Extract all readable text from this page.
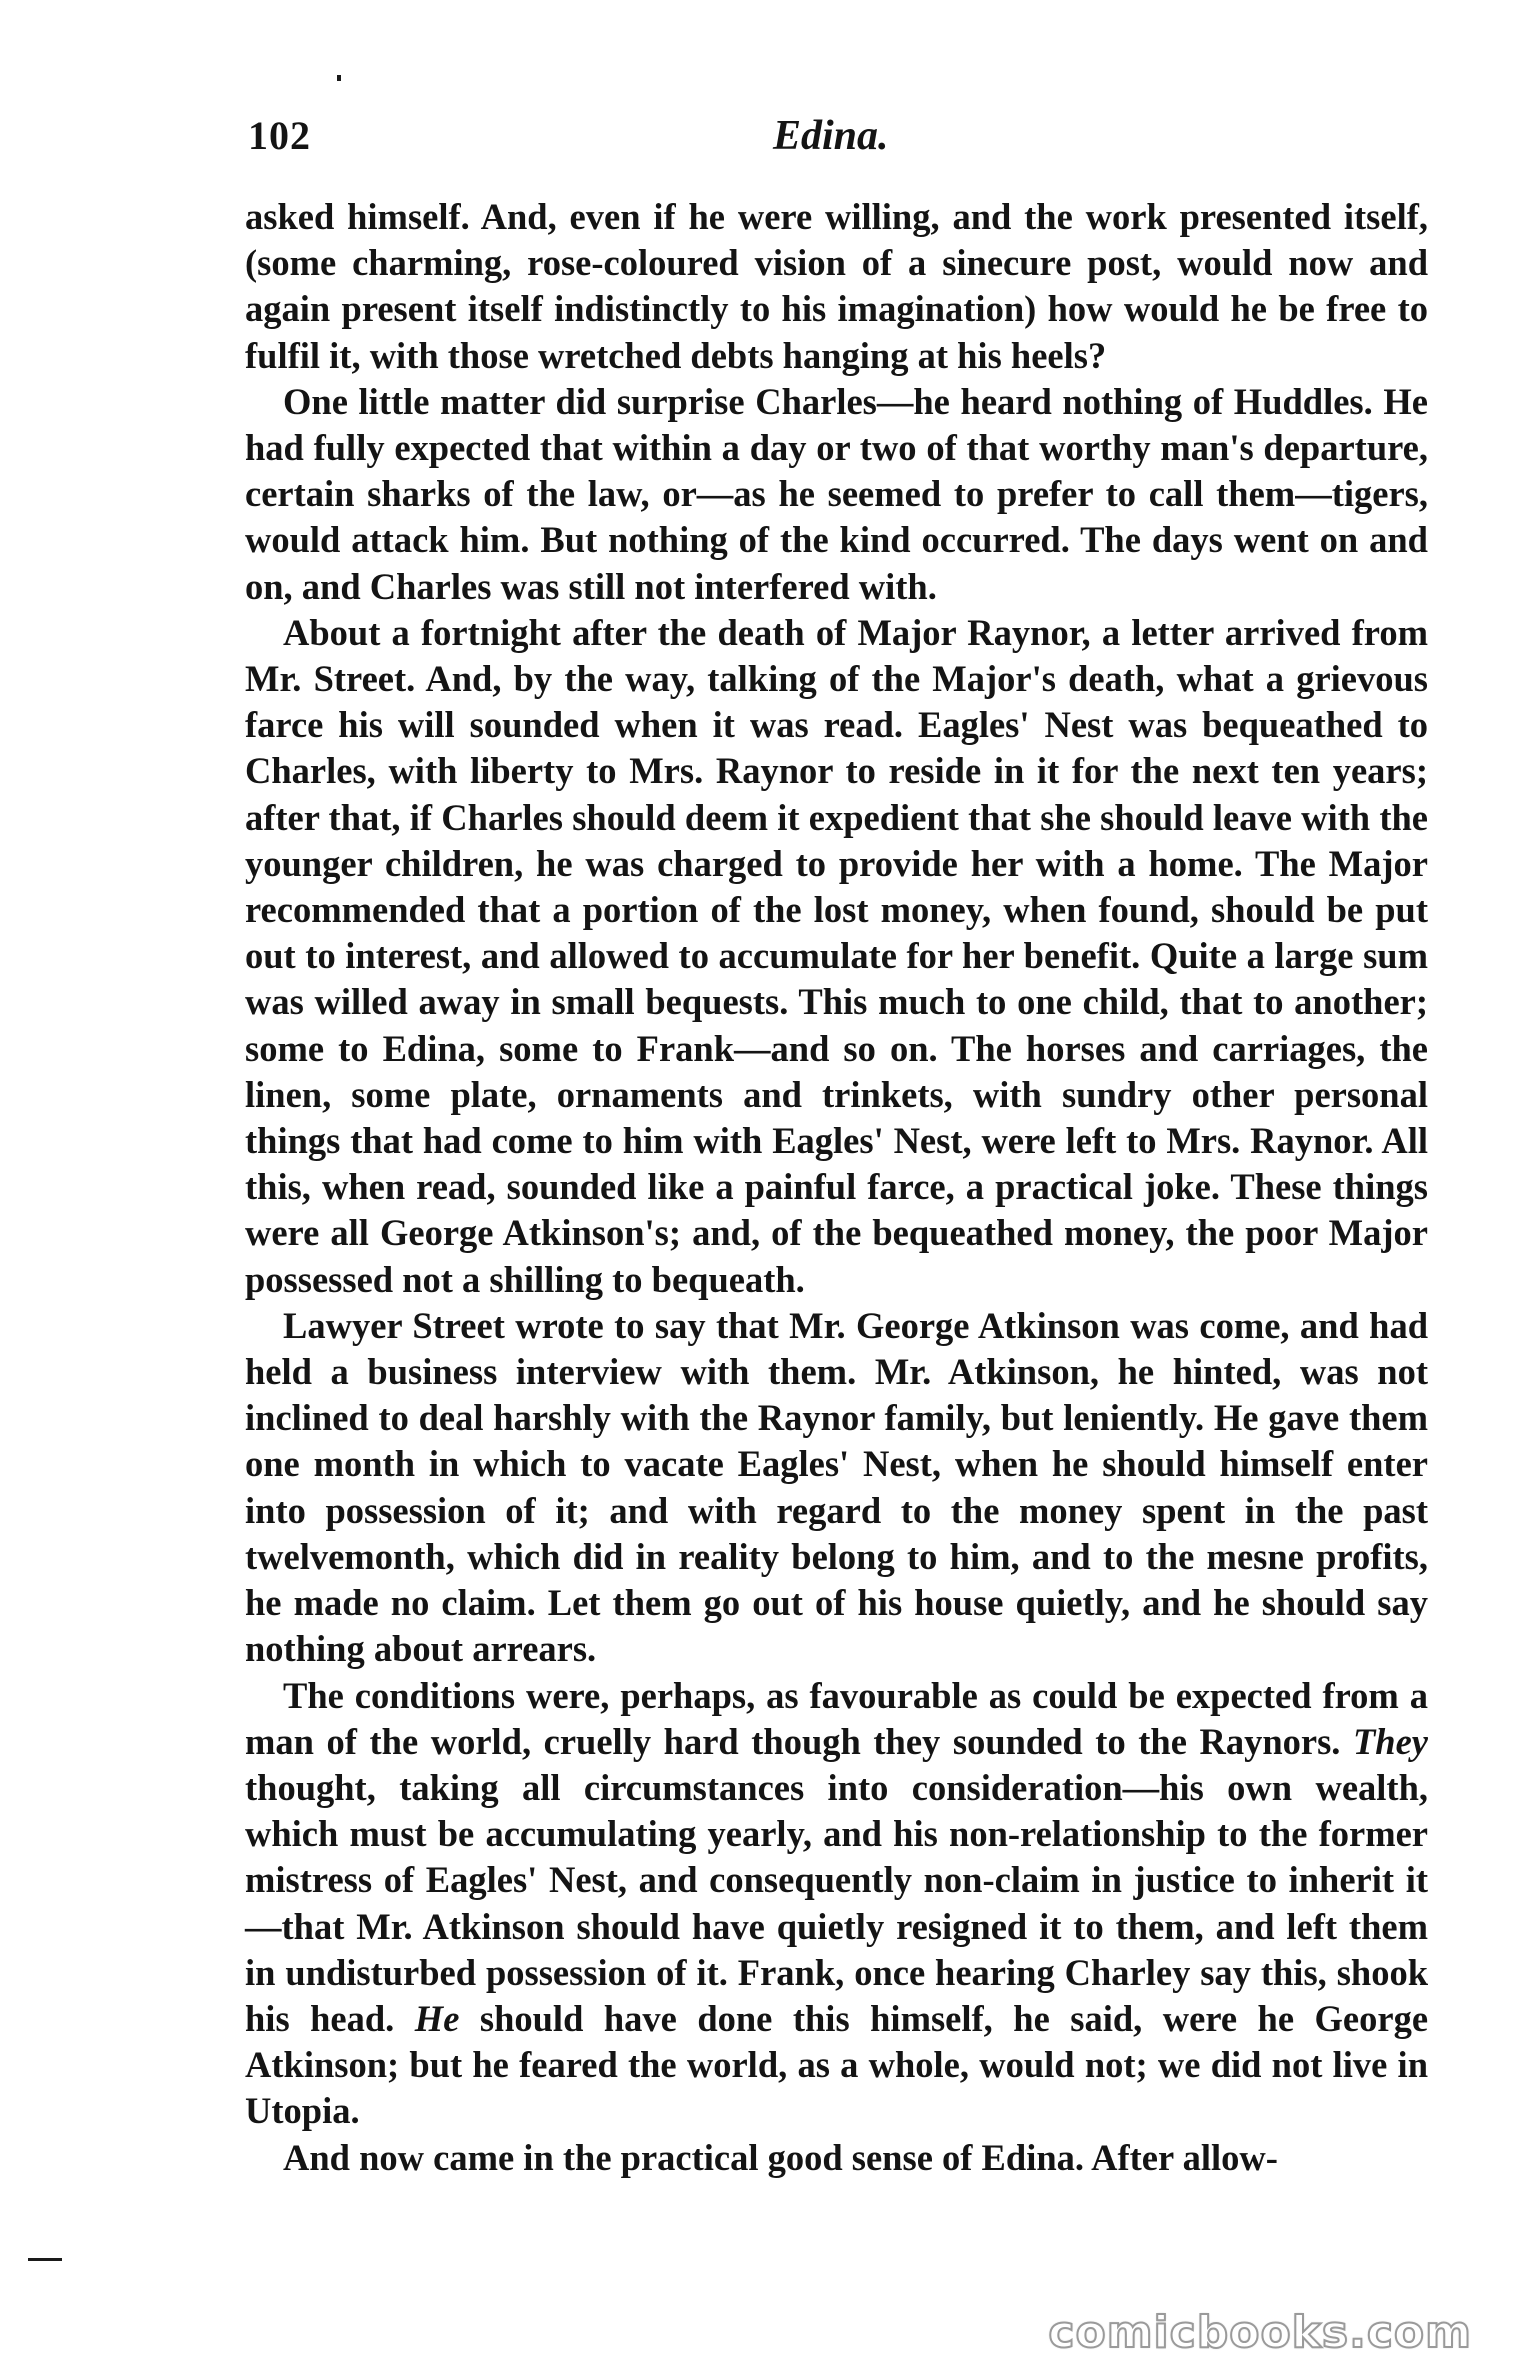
102	Edina.

asked himself. And, even if he were willing, and the work presented itself, (some charming, rose-coloured vision of a sinecure post, would now and again present itself indistinctly to his imagination) how would he be free to fulfil it, with those wretched debts hanging at his heels?

One little matter did surprise Charles—he heard nothing of Huddles. He had fully expected that within a day or two of that worthy man's departure, certain sharks of the law, or—as he seemed to prefer to call them—tigers, would attack him. But nothing of the kind occurred. The days went on and on, and Charles was still not interfered with.

About a fortnight after the death of Major Raynor, a letter arrived from Mr. Street. And, by the way, talking of the Major's death, what a grievous farce his will sounded when it was read. Eagles' Nest was bequeathed to Charles, with liberty to Mrs. Raynor to reside in it for the next ten years; after that, if Charles should deem it expedient that she should leave with the younger children, he was charged to provide her with a home. The Major recommended that a portion of the lost money, when found, should be put out to interest, and allowed to accumulate for her benefit. Quite a large sum was willed away in small bequests. This much to one child, that to another; some to Edina, some to Frank—and so on. The horses and carriages, the linen, some plate, ornaments and trinkets, with sundry other personal things that had come to him with Eagles' Nest, were left to Mrs. Raynor. All this, when read, sounded like a painful farce, a practical joke. These things were all George Atkinson's; and, of the bequeathed money, the poor Major possessed not a shilling to bequeath.

Lawyer Street wrote to say that Mr. George Atkinson was come, and had held a business interview with them. Mr. Atkinson, he hinted, was not inclined to deal harshly with the Raynor family, but leniently. He gave them one month in which to vacate Eagles' Nest, when he should himself enter into possession of it; and with regard to the money spent in the past twelvemonth, which did in reality belong to him, and to the mesne profits, he made no claim. Let them go out of his house quietly, and he should say nothing about arrears.

The conditions were, perhaps, as favourable as could be expected from a man of the world, cruelly hard though they sounded to the Raynors. They thought, taking all circumstances into consideration—his own wealth, which must be accumulating yearly, and his non-relationship to the former mistress of Eagles' Nest, and consequently non-claim in justice to inherit it—that Mr. Atkinson should have quietly resigned it to them, and left them in undisturbed possession of it. Frank, once hearing Charley say this, shook his head. He should have done this himself, he said, were he George Atkinson; but he feared the world, as a whole, would not; we did not live in Utopia.

And now came in the practical good sense of Edina. After allow-

comicbooks.com
